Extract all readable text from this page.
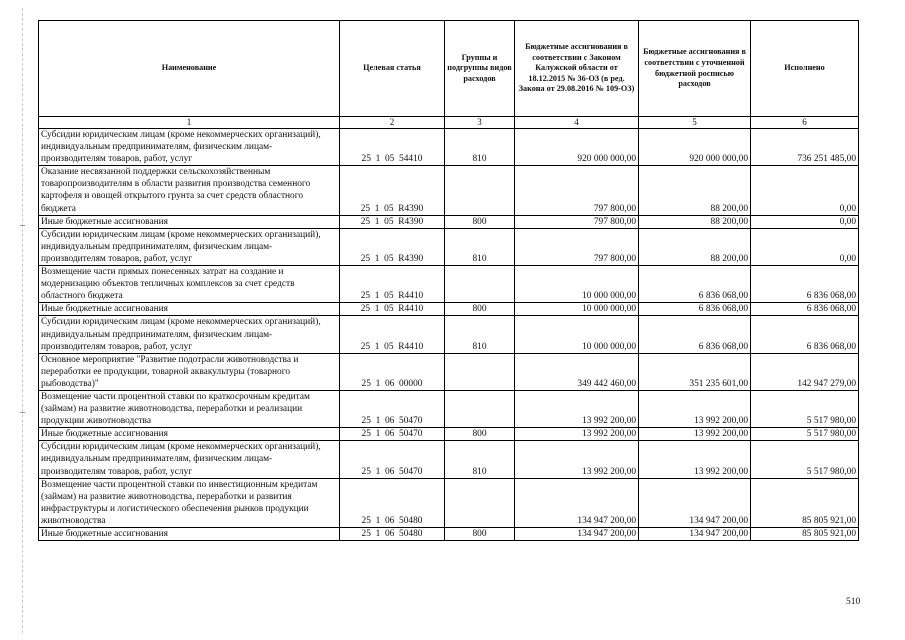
Наименование	Целевая статья	Группы и подгруппы видов расходов	Бюджетные ассигнования в соответствии с Законом Калужской области от 18.12.2015 № 36-ОЗ (в ред. Закона от 29.08.2016 № 109-ОЗ)	Бюджетные ассигнования в соответствии с уточненной бюджетной росписью расходов	Исполнено
1	2	3	4	5	6
Субсидии юридическим лицам (кроме некоммерческих организаций), индивидуальным предпринимателям, физическим лицам-производителям товаров, работ, услуг	25  1  05  54410	810	920 000 000,00	920 000 000,00	736 251 485,00
Оказание несвязанной поддержки сельскохозяйственным товаропроизводителям в области развития производства семенного картофеля и овощей открытого грунта за счет средств областного бюджета	25  1  05  R4390		797 800,00	88 200,00	0,00
Иные бюджетные ассигнования	25  1  05  R4390	800	797 800,00	88 200,00	0,00
Субсидии юридическим лицам (кроме некоммерческих организаций), индивидуальным предпринимателям, физическим лицам-производителям товаров, работ, услуг	25  1  05  R4390	810	797 800,00	88 200,00	0,00
Возмещение части прямых понесенных затрат на создание и модернизацию объектов тепличных комплексов за счет средств областного бюджета	25  1  05  R4410		10 000 000,00	6 836 068,00	6 836 068,00
Иные бюджетные ассигнования	25  1  05  R4410	800	10 000 000,00	6 836 068,00	6 836 068,00
Субсидии юридическим лицам (кроме некоммерческих организаций), индивидуальным предпринимателям, физическим лицам-производителям товаров, работ, услуг	25  1  05  R4410	810	10 000 000,00	6 836 068,00	6 836 068,00
Основное мероприятие "Развитие подотрасли животноводства и переработки ее продукции, товарной аквакультуры (товарного рыбоводства)"	25  1  06  00000		349 442 460,00	351 235 601,00	142 947 279,00
Возмещение части процентной ставки по краткосрочным кредитам (займам) на развитие животноводства, переработки и реализации продукции животноводства	25  1  06  50470		13 992 200,00	13 992 200,00	5 517 980,00
Иные бюджетные ассигнования	25  1  06  50470	800	13 992 200,00	13 992 200,00	5 517 980,00
Субсидии юридическим лицам (кроме некоммерческих организаций), индивидуальным предпринимателям, физическим лицам-производителям товаров, работ, услуг	25  1  06  50470	810	13 992 200,00	13 992 200,00	5 517 980,00
Возмещение части процентной ставки по инвестиционным кредитам (займам) на развитие животноводства, переработки и развития инфраструктуры и логистического обеспечения рынков продукции животноводства	25  1  06  50480		134 947 200,00	134 947 200,00	85 805 921,00
Иные бюджетные ассигнования	25  1  06  50480	800	134 947 200,00	134 947 200,00	85 805 921,00
510
